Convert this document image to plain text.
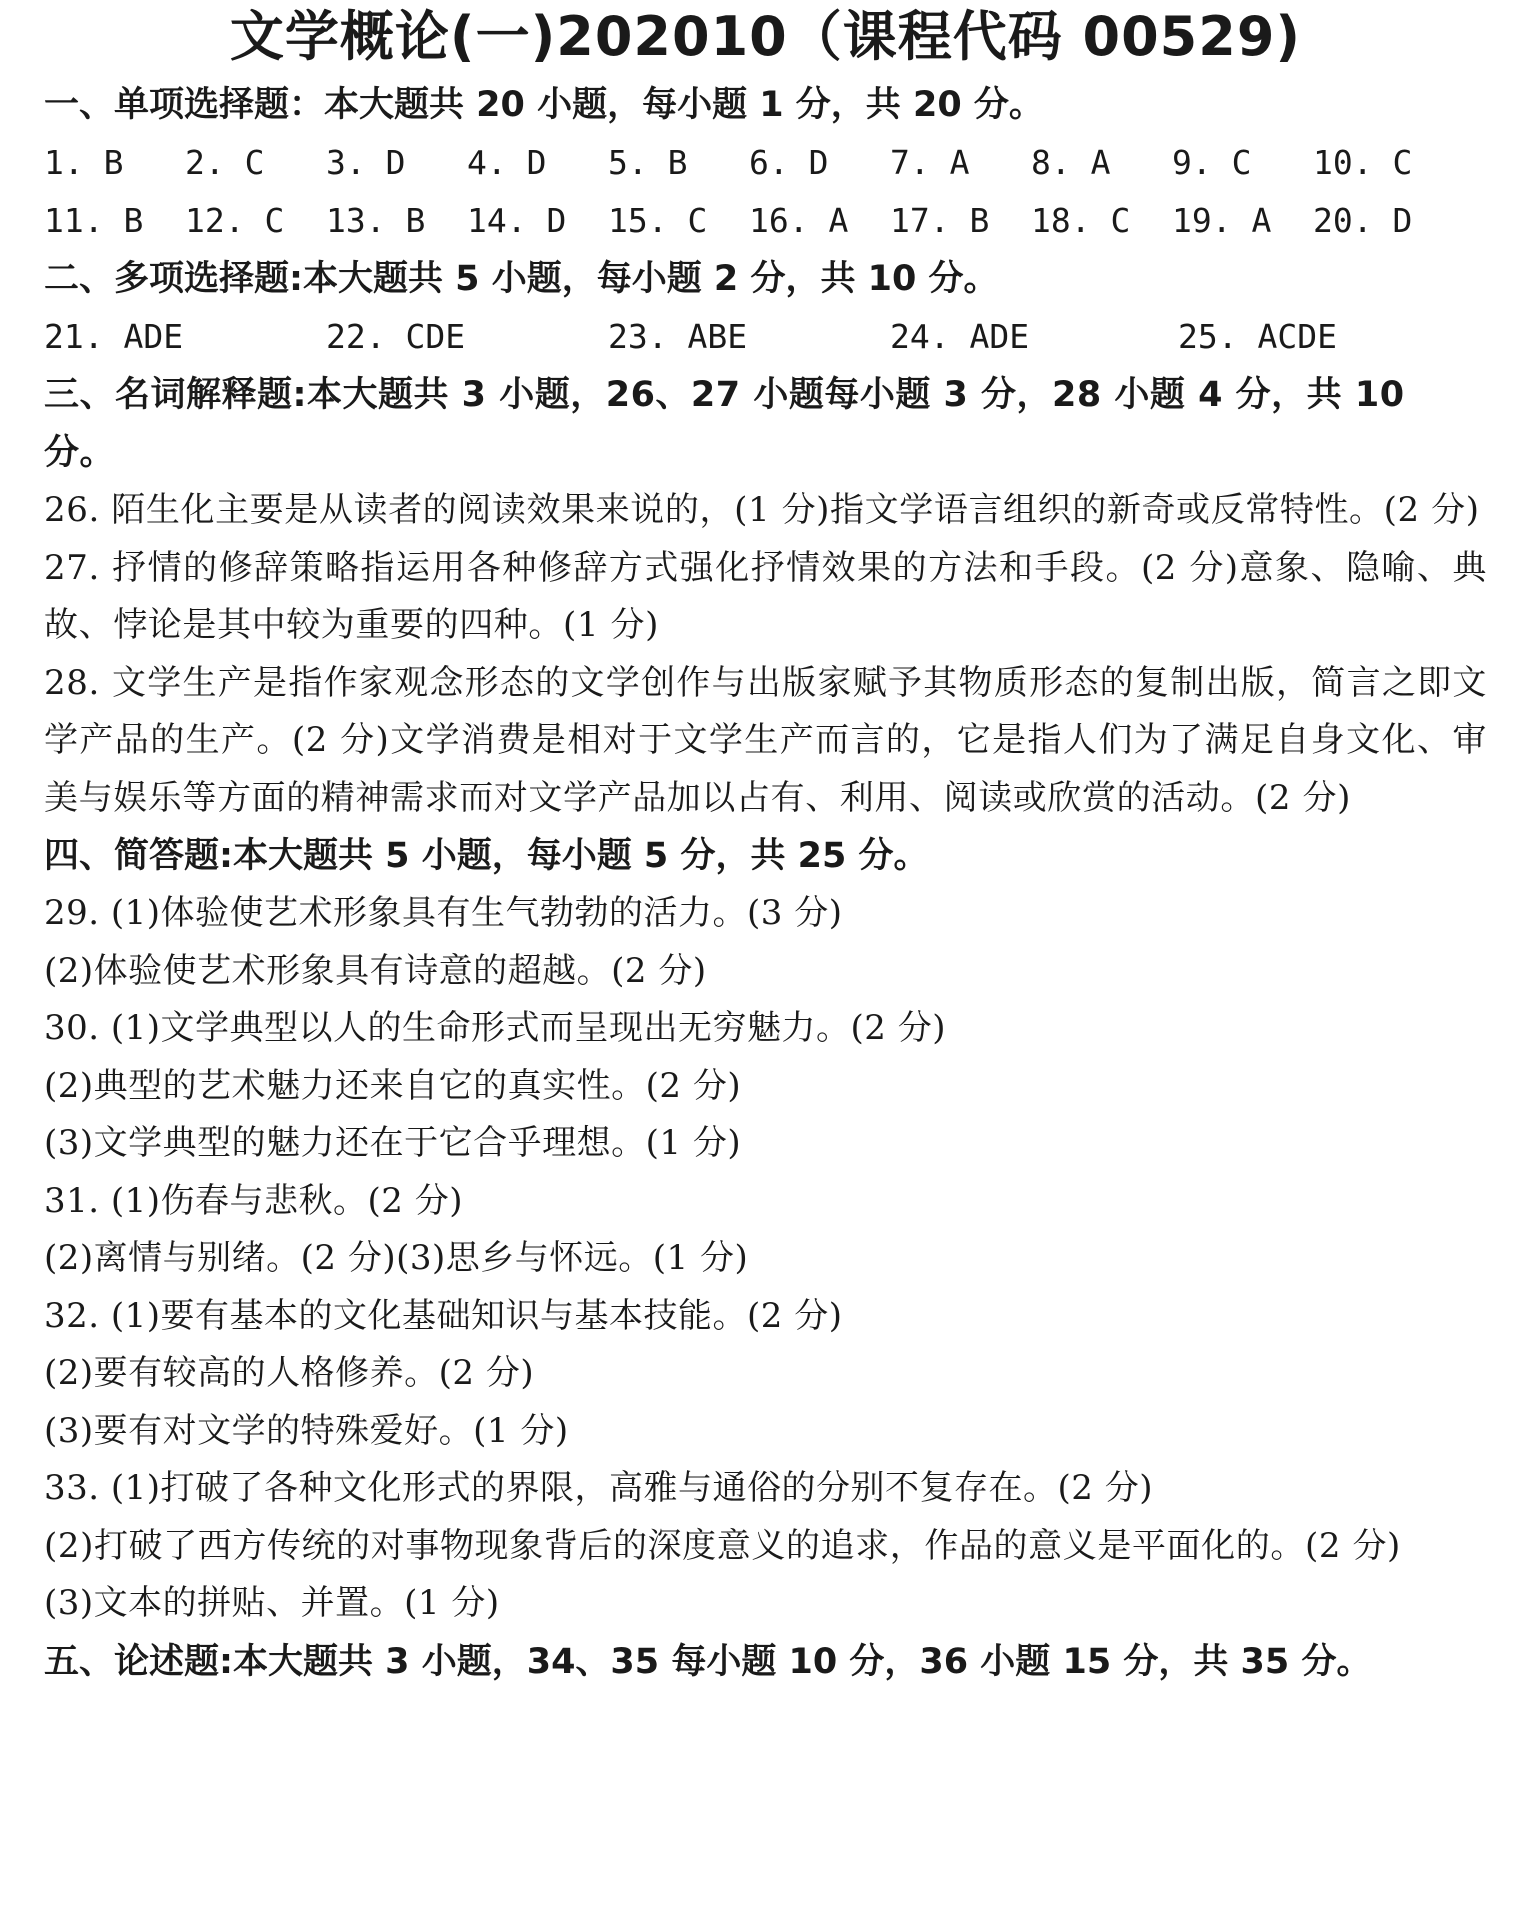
文学概论(一)202010（课程代码 00529)
一、单项选择题：本大题共 20 小题，每小题 1 分，共 20 分。
1. B	2. C	3. D	4. D	5. B	6. D	7. A	8. A	9. C	10. C
11. B	12. C	13. B	14. D	15. C	16. A	17. B	18. C	19. A	20. D
二、多项选择题:本大题共 5 小题，每小题 2 分，共 10 分。
21. ADE	22. CDE	23. ABE	24. ADE	25. ACDE
三、名词解释题:本大题共 3 小题，26、27 小题每小题 3 分，28 小题 4 分，共 10 分。

26. 陌生化主要是从读者的阅读效果来说的，(1 分)指文学语言组织的新奇或反常特性。(2 分)

27. 抒情的修辞策略指运用各种修辞方式强化抒情效果的方法和手段。(2 分)意象、隐喻、典故、悖论是其中较为重要的四种。(1 分)

28. 文学生产是指作家观念形态的文学创作与出版家赋予其物质形态的复制出版，简言之即文学产品的生产。(2 分)文学消费是相对于文学生产而言的，它是指人们为了满足自身文化、审美与娱乐等方面的精神需求而对文学产品加以占有、利用、阅读或欣赏的活动。(2 分)

四、简答题:本大题共 5 小题，每小题 5 分，共 25 分。

29. (1)体验使艺术形象具有生气勃勃的活力。(3 分)

(2)体验使艺术形象具有诗意的超越。(2 分)

30. (1)文学典型以人的生命形式而呈现出无穷魅力。(2 分)

(2)典型的艺术魅力还来自它的真实性。(2 分)

(3)文学典型的魅力还在于它合乎理想。(1 分)

31. (1)伤春与悲秋。(2 分)

(2)离情与别绪。(2 分)(3)思乡与怀远。(1 分)

32. (1)要有基本的文化基础知识与基本技能。(2 分)

(2)要有较高的人格修养。(2 分)

(3)要有对文学的特殊爱好。(1 分)

33. (1)打破了各种文化形式的界限，高雅与通俗的分别不复存在。(2 分)

(2)打破了西方传统的对事物现象背后的深度意义的追求，作品的意义是平面化的。(2 分)

(3)文本的拼贴、并置。(1 分)

五、论述题:本大题共 3 小题，34、35 每小题 10 分，36 小题 15 分，共 35 分。
